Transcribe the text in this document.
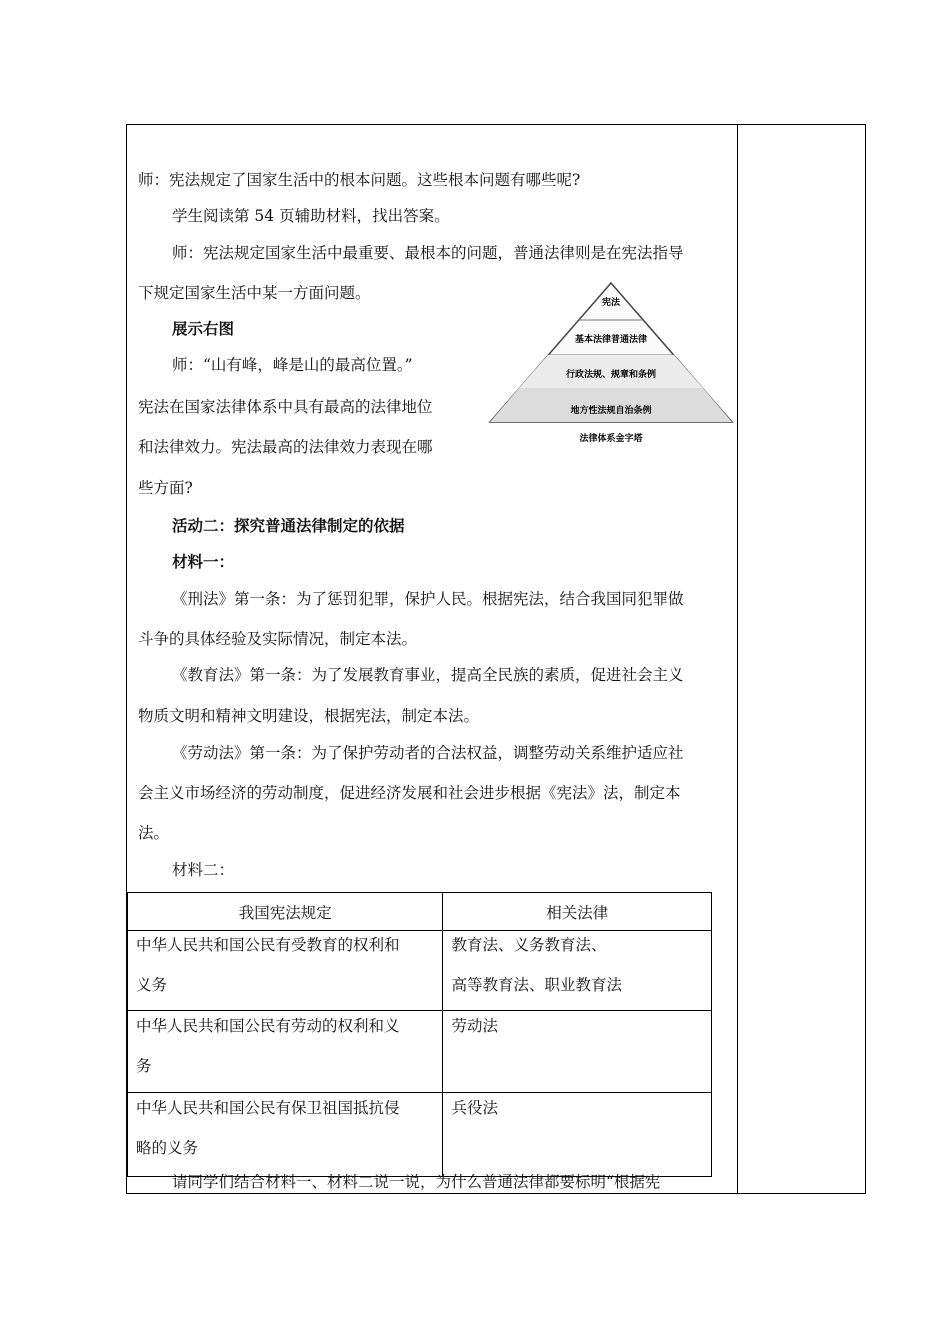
师：宪法规定了国家生活中的根本问题。这些根本问题有哪些呢?
学生阅读第 54 页辅助材料，找出答案。
师：宪法规定国家生活中最重要、最根本的问题，普通法律则是在宪法指导
下规定国家生活中某一方面问题。
展示右图
师：“山有峰，峰是山的最高位置。”
宪法在国家法律体系中具有最高的法律地位
和法律效力。宪法最高的法律效力表现在哪
些方面?
宪法
基本法律普通法律
行政法规、规章和条例
地方性法规自治条例
法律体系金字塔
活动二：探究普通法律制定的依据
材料一：
《刑法》第一条：为了惩罚犯罪，保护人民。根据宪法，结合我国同犯罪做
斗争的具体经验及实际情况，制定本法。
《教育法》第一条：为了发展教育事业，提高全民族的素质，促进社会主义
物质文明和精神文明建设，根据宪法，制定本法。
《劳动法》第一条：为了保护劳动者的合法权益，调整劳动关系维护适应社
会主义市场经济的劳动制度，促进经济发展和社会进步根据《宪法》法，制定本
法。
材料二：
我国宪法规定	相关法律

中华人民共和国公民有受教育的权利和
义务	教育法、义务教育法、
高等教育法、职业教育法

中华人民共和国公民有劳动的权利和义
务	劳动法

中华人民共和国公民有保卫祖国抵抗侵
略的义务	兵役法
请同学们结合材料一、材料二说一说，为什么普通法律都要标明“根据宪
